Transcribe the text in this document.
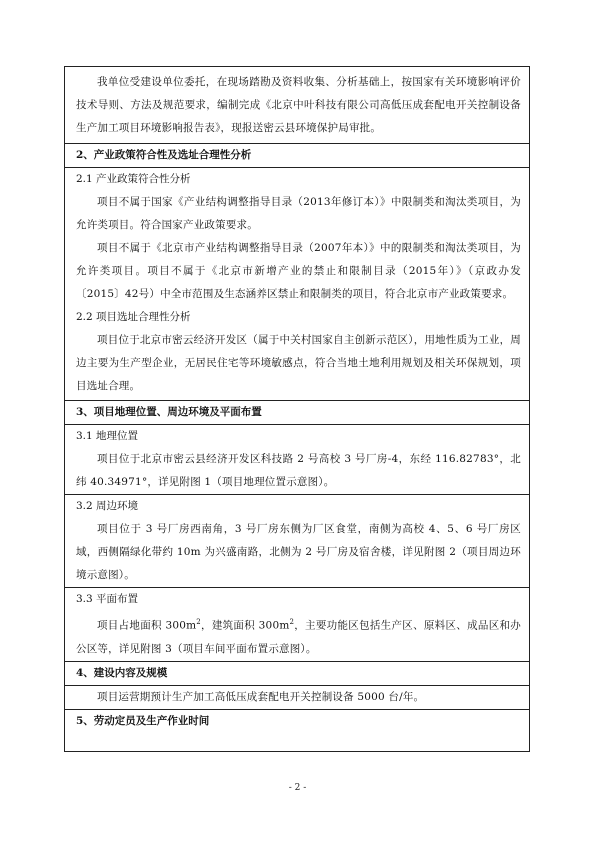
我单位受建设单位委托，在现场踏勘及资料收集、分析基础上，按国家有关环境影响评价技术导则、方法及规范要求，编制完成《北京中叶科技有限公司高低压成套配电开关控制设备生产加工项目环境影响报告表》，现报送密云县环境保护局审批。

2、产业政策符合性及选址合理性分析

2.1 产业政策符合性分析

项目不属于国家《产业结构调整指导目录（2013年修订本）》中限制类和淘汰类项目，为允许类项目。符合国家产业政策要求。

项目不属于《北京市产业结构调整指导目录（2007年本）》中的限制类和淘汰类项目，为允许类项目。项目不属于《北京市新增产业的禁止和限制目录（2015年）》（京政办发〔2015〕42号）中全市范围及生态涵养区禁止和限制类的项目，符合北京市产业政策要求。

2.2 项目选址合理性分析

项目位于北京市密云经济开发区（属于中关村国家自主创新示范区），用地性质为工业，周边主要为生产型企业，无居民住宅等环境敏感点，符合当地土地利用规划及相关环保规划，项目选址合理。

3、项目地理位置、周边环境及平面布置

3.1 地理位置

项目位于北京市密云县经济开发区科技路 2 号高校 3 号厂房-4，东经 116.82783°，北纬 40.34971°，详见附图 1（项目地理位置示意图）。

3.2 周边环境

项目位于 3 号厂房西南角，3 号厂房东侧为厂区食堂，南侧为高校 4、5、6 号厂房区域，西侧隔绿化带约 10m 为兴盛南路，北侧为 2 号厂房及宿舍楼，详见附图 2（项目周边环境示意图）。

3.3 平面布置

项目占地面积 $300m^2$，建筑面积 $300m^2$，主要功能区包括生产区、原料区、成品区和办公区等，详见附图 3（项目车间平面布置示意图）。

4、建设内容及规模

项目运营期预计生产加工高低压成套配电开关控制设备 5000 台/年。

5、劳动定员及生产作业时间

- 2 -
